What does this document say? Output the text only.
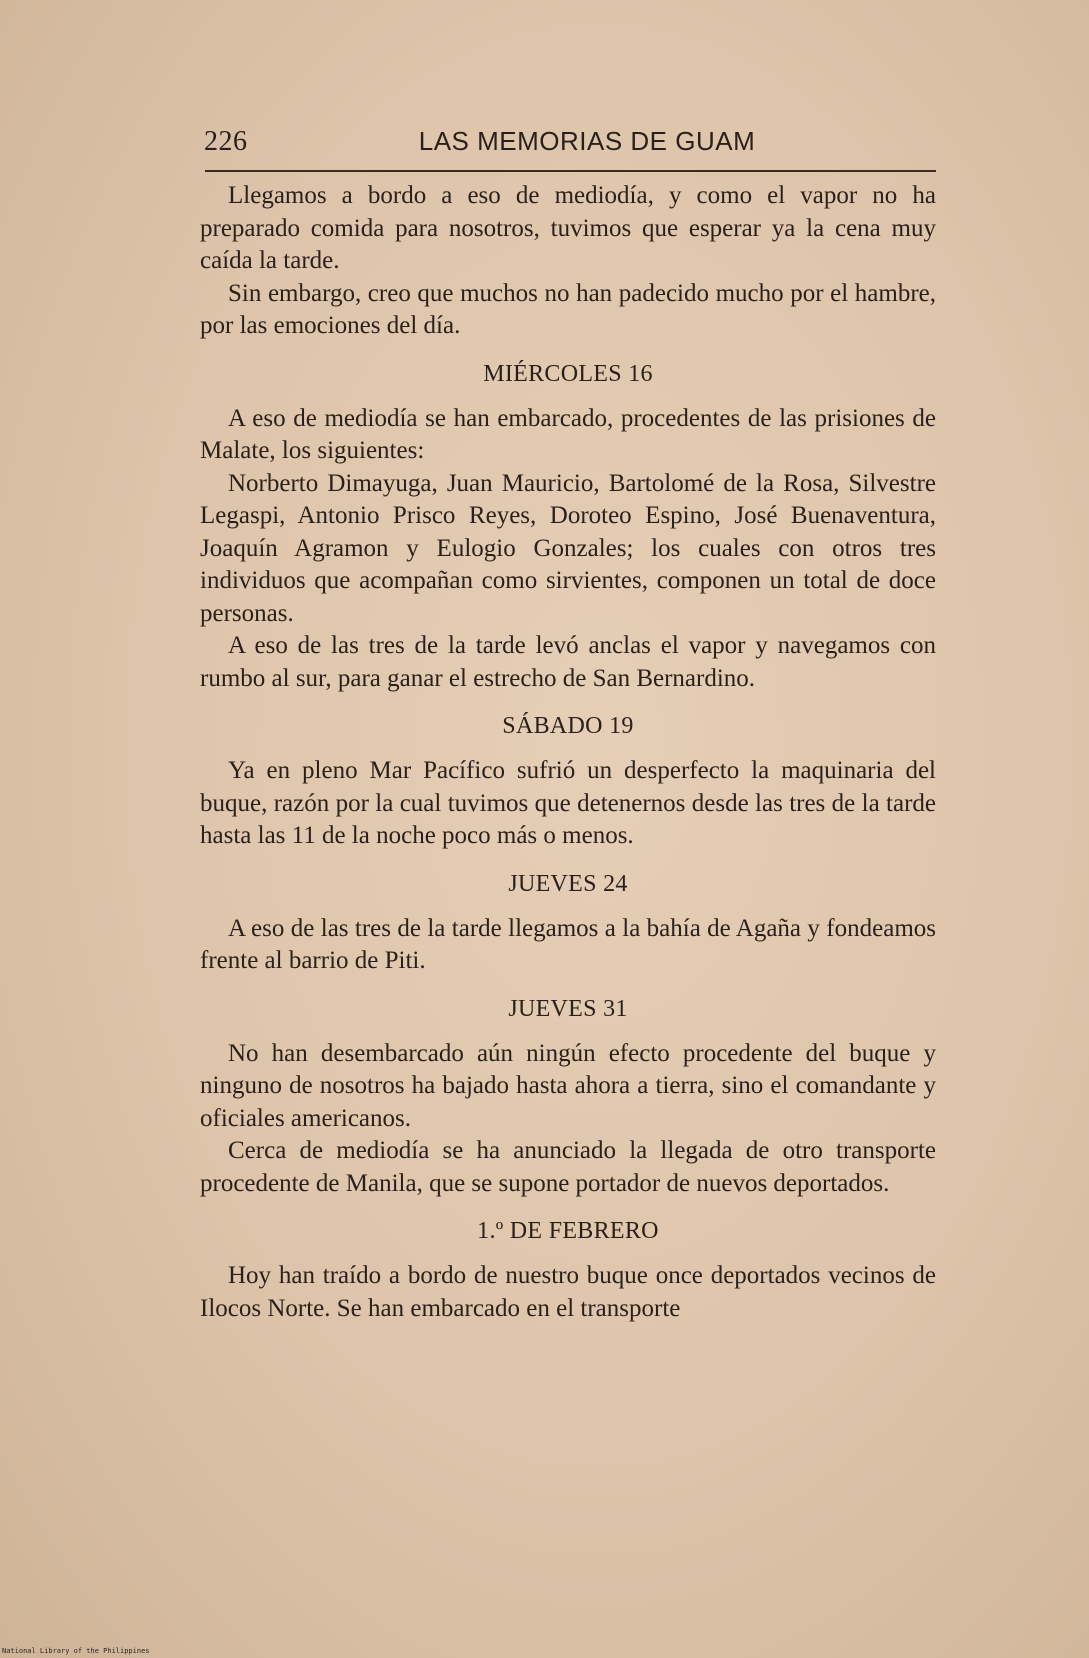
226	LAS MEMORIAS DE GUAM

Llegamos a bordo a eso de mediodía, y como el vapor no ha preparado comida para nosotros, tuvimos que esperar ya la cena muy caída la tarde.

Sin embargo, creo que muchos no han padecido mucho por el hambre, por las emociones del día.

MIÉRCOLES 16

A eso de mediodía se han embarcado, procedentes de las prisiones de Malate, los siguientes:

Norberto Dimayuga, Juan Mauricio, Bartolomé de la Rosa, Silvestre Legaspi, Antonio Prisco Reyes, Doroteo Espino, José Buenaventura, Joaquín Agramon y Eulogio Gonzales; los cuales con otros tres individuos que acompañan como sirvientes, componen un total de doce personas.

A eso de las tres de la tarde levó anclas el vapor y navegamos con rumbo al sur, para ganar el estrecho de San Bernardino.

SÁBADO 19

Ya en pleno Mar Pacífico sufrió un desperfecto la maquinaria del buque, razón por la cual tuvimos que detenernos desde las tres de la tarde hasta las 11 de la noche poco más o menos.

JUEVES 24

A eso de las tres de la tarde llegamos a la bahía de Agaña y fondeamos frente al barrio de Piti.

JUEVES 31

No han desembarcado aún ningún efecto procedente del buque y ninguno de nosotros ha bajado hasta ahora a tierra, sino el comandante y oficiales americanos.

Cerca de mediodía se ha anunciado la llegada de otro transporte procedente de Manila, que se supone portador de nuevos deportados.

1.º DE FEBRERO

Hoy han traído a bordo de nuestro buque once deportados vecinos de Ilocos Norte. Se han embarcado en el transporte

National Library of the Philippines
